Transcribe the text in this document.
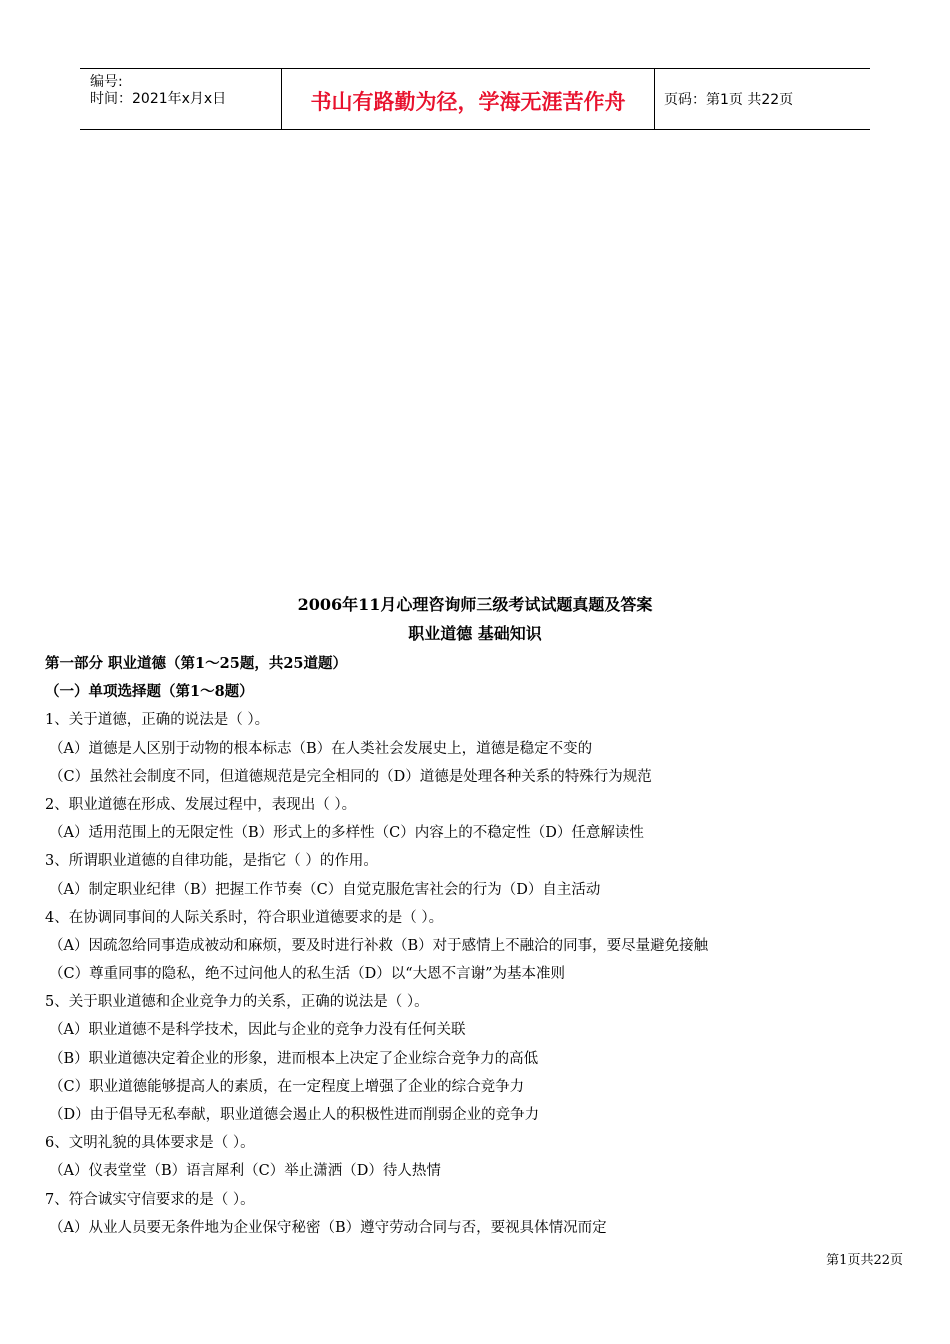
编号:
时间：2021年x月x日	书山有路勤为径，学海无涯苦作舟	页码：第1页 共22页
2006年11月心理咨询师三级考试试题真题及答案
职业道德 基础知识
第一部分 职业道德（第1～25题，共25道题）
（一）单项选择题（第1～8题）
1、关于道德，正确的说法是（ ）。
（A）道德是人区别于动物的根本标志（B）在人类社会发展史上，道德是稳定不变的
（C）虽然社会制度不同，但道德规范是完全相同的（D）道德是处理各种关系的特殊行为规范
2、职业道德在形成、发展过程中，表现出（ ）。
（A）适用范围上的无限定性（B）形式上的多样性（C）内容上的不稳定性（D）任意解读性
3、所谓职业道德的自律功能，是指它（ ）的作用。
（A）制定职业纪律（B）把握工作节奏（C）自觉克服危害社会的行为（D）自主活动
4、在协调同事间的人际关系时，符合职业道德要求的是（ ）。
（A）因疏忽给同事造成被动和麻烦，要及时进行补救（B）对于感情上不融洽的同事，要尽量避免接触
（C）尊重同事的隐私，绝不过问他人的私生活（D）以“大恩不言谢”为基本准则
5、关于职业道德和企业竞争力的关系，正确的说法是（ ）。
（A）职业道德不是科学技术，因此与企业的竞争力没有任何关联
（B）职业道德决定着企业的形象，进而根本上决定了企业综合竞争力的高低
（C）职业道德能够提高人的素质，在一定程度上增强了企业的综合竞争力
（D）由于倡导无私奉献，职业道德会遏止人的积极性进而削弱企业的竞争力
6、文明礼貌的具体要求是（ ）。
（A）仪表堂堂（B）语言犀利（C）举止潇洒（D）待人热情
7、符合诚实守信要求的是（ ）。
（A）从业人员要无条件地为企业保守秘密（B）遵守劳动合同与否，要视具体情况而定
第1页共22页
